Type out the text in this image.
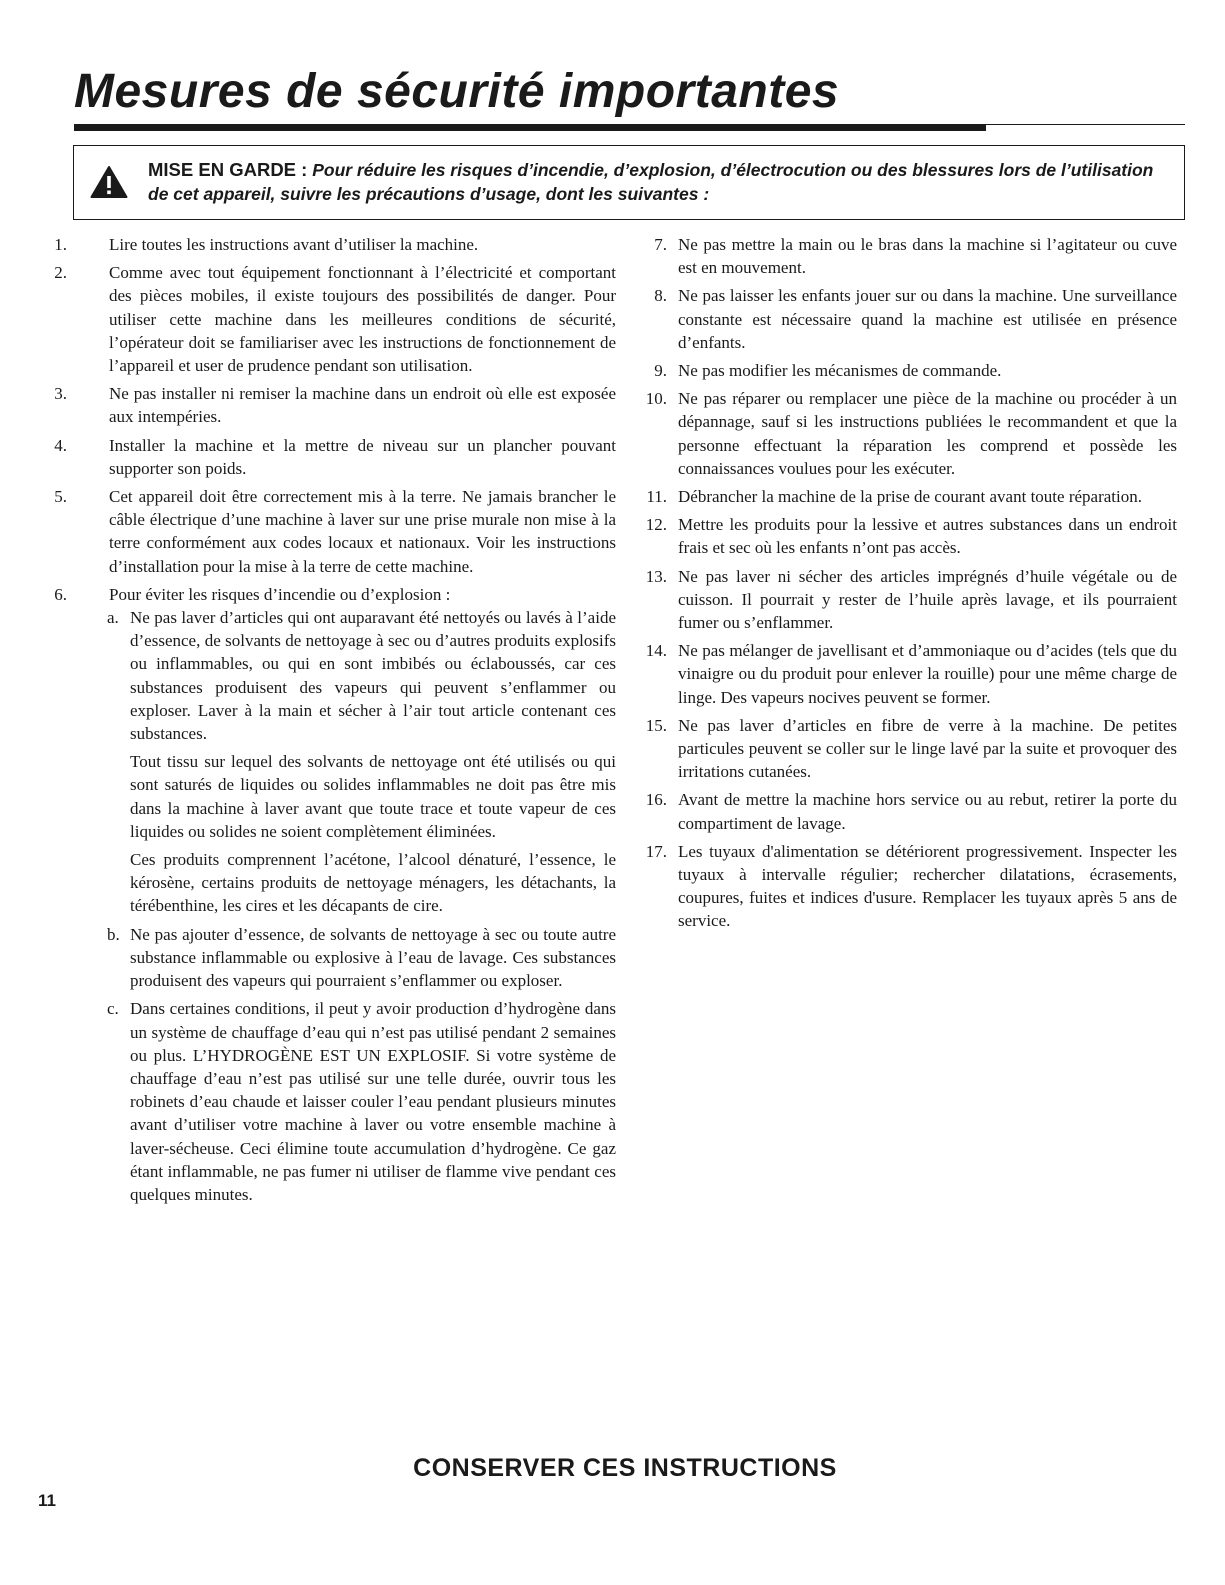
Mesures de sécurité importantes
MISE EN GARDE : Pour réduire les risques d’incendie, d’explosion, d’électrocution ou des blessures lors de l’utilisation de cet appareil, suivre les précautions d’usage, dont les suivantes :
1. Lire toutes les instructions avant d’utiliser la machine.
2. Comme avec tout équipement fonctionnant à l’électricité et comportant des pièces mobiles, il existe toujours des possibilités de danger. Pour utiliser cette machine dans les meilleures conditions de sécurité, l’opérateur doit se familiariser avec les instructions de fonctionnement de l’appareil et user de prudence pendant son utilisation.
3. Ne pas installer ni remiser la machine dans un endroit où elle est exposée aux intempéries.
4. Installer la machine et la mettre de niveau sur un plancher pouvant supporter son poids.
5. Cet appareil doit être correctement mis à la terre. Ne jamais brancher le câble électrique d’une machine à laver sur une prise murale non mise à la terre conformément aux codes locaux et nationaux. Voir les instructions d’installation pour la mise à la terre de cette machine.
6. Pour éviter les risques d’incendie ou d’explosion :
a. Ne pas laver d’articles qui ont auparavant été nettoyés ou lavés à l’aide d’essence, de solvants de nettoyage à sec ou d’autres produits explosifs ou inflammables, ou qui en sont imbibés ou éclaboussés, car ces substances produisent des vapeurs qui peuvent s’enflammer ou exploser. Laver à la main et sécher à l’air tout article contenant ces substances.
Tout tissu sur lequel des solvants de nettoyage ont été utilisés ou qui sont saturés de liquides ou solides inflammables ne doit pas être mis dans la machine à laver avant que toute trace et toute vapeur de ces liquides ou solides ne soient complètement éliminées.
Ces produits comprennent l’acétone, l’alcool dénaturé, l’essence, le kérosène, certains produits de nettoyage ménagers, les détachants, la térébenthine, les cires et les décapants de cire.
b. Ne pas ajouter d’essence, de solvants de nettoyage à sec ou toute autre substance inflammable ou explosive à l’eau de lavage. Ces substances produisent des vapeurs qui pourraient s’enflammer ou exploser.
c. Dans certaines conditions, il peut y avoir production d’hydrogène dans un système de chauffage d’eau qui n’est pas utilisé pendant 2 semaines ou plus. L’HYDROGÈNE EST UN EXPLOSIF. Si votre système de chauffage d’eau n’est pas utilisé sur une telle durée, ouvrir tous les robinets d’eau chaude et laisser couler l’eau pendant plusieurs minutes avant d’utiliser votre machine à laver ou votre ensemble machine à laver-sécheuse. Ceci élimine toute accumulation d’hydrogène. Ce gaz étant inflammable, ne pas fumer ni utiliser de flamme vive pendant ces quelques minutes.
7. Ne pas mettre la main ou le bras dans la machine si l’agitateur ou cuve est en mouvement.
8. Ne pas laisser les enfants jouer sur ou dans la machine. Une surveillance constante est nécessaire quand la machine est utilisée en présence d’enfants.
9. Ne pas modifier les mécanismes de commande.
10. Ne pas réparer ou remplacer une pièce de la machine ou procéder à un dépannage, sauf si les instructions publiées le recommandent et que la personne effectuant la réparation les comprend et possède les connaissances voulues pour les exécuter.
11. Débrancher la machine de la prise de courant avant toute réparation.
12. Mettre les produits pour la lessive et autres substances dans un endroit frais et sec où les enfants n’ont pas accès.
13. Ne pas laver ni sécher des articles imprégnés d’huile végétale ou de cuisson. Il pourrait y rester de l’huile après lavage, et ils pourraient fumer ou s’enflammer.
14. Ne pas mélanger de javellisant et d’ammoniaque ou d’acides (tels que du vinaigre ou du produit pour enlever la rouille) pour une même charge de linge. Des vapeurs nocives peuvent se former.
15. Ne pas laver d’articles en fibre de verre à la machine. De petites particules peuvent se coller sur le linge lavé par la suite et provoquer des irritations cutanées.
16. Avant de mettre la machine hors service ou au rebut, retirer la porte du compartiment de lavage.
17. Les tuyaux d'alimentation se détériorent progressivement. Inspecter les tuyaux à intervalle régulier; rechercher dilatations, écrasements, coupures, fuites et indices d'usure. Remplacer les tuyaux après 5 ans de service.
CONSERVER CES INSTRUCTIONS
11
